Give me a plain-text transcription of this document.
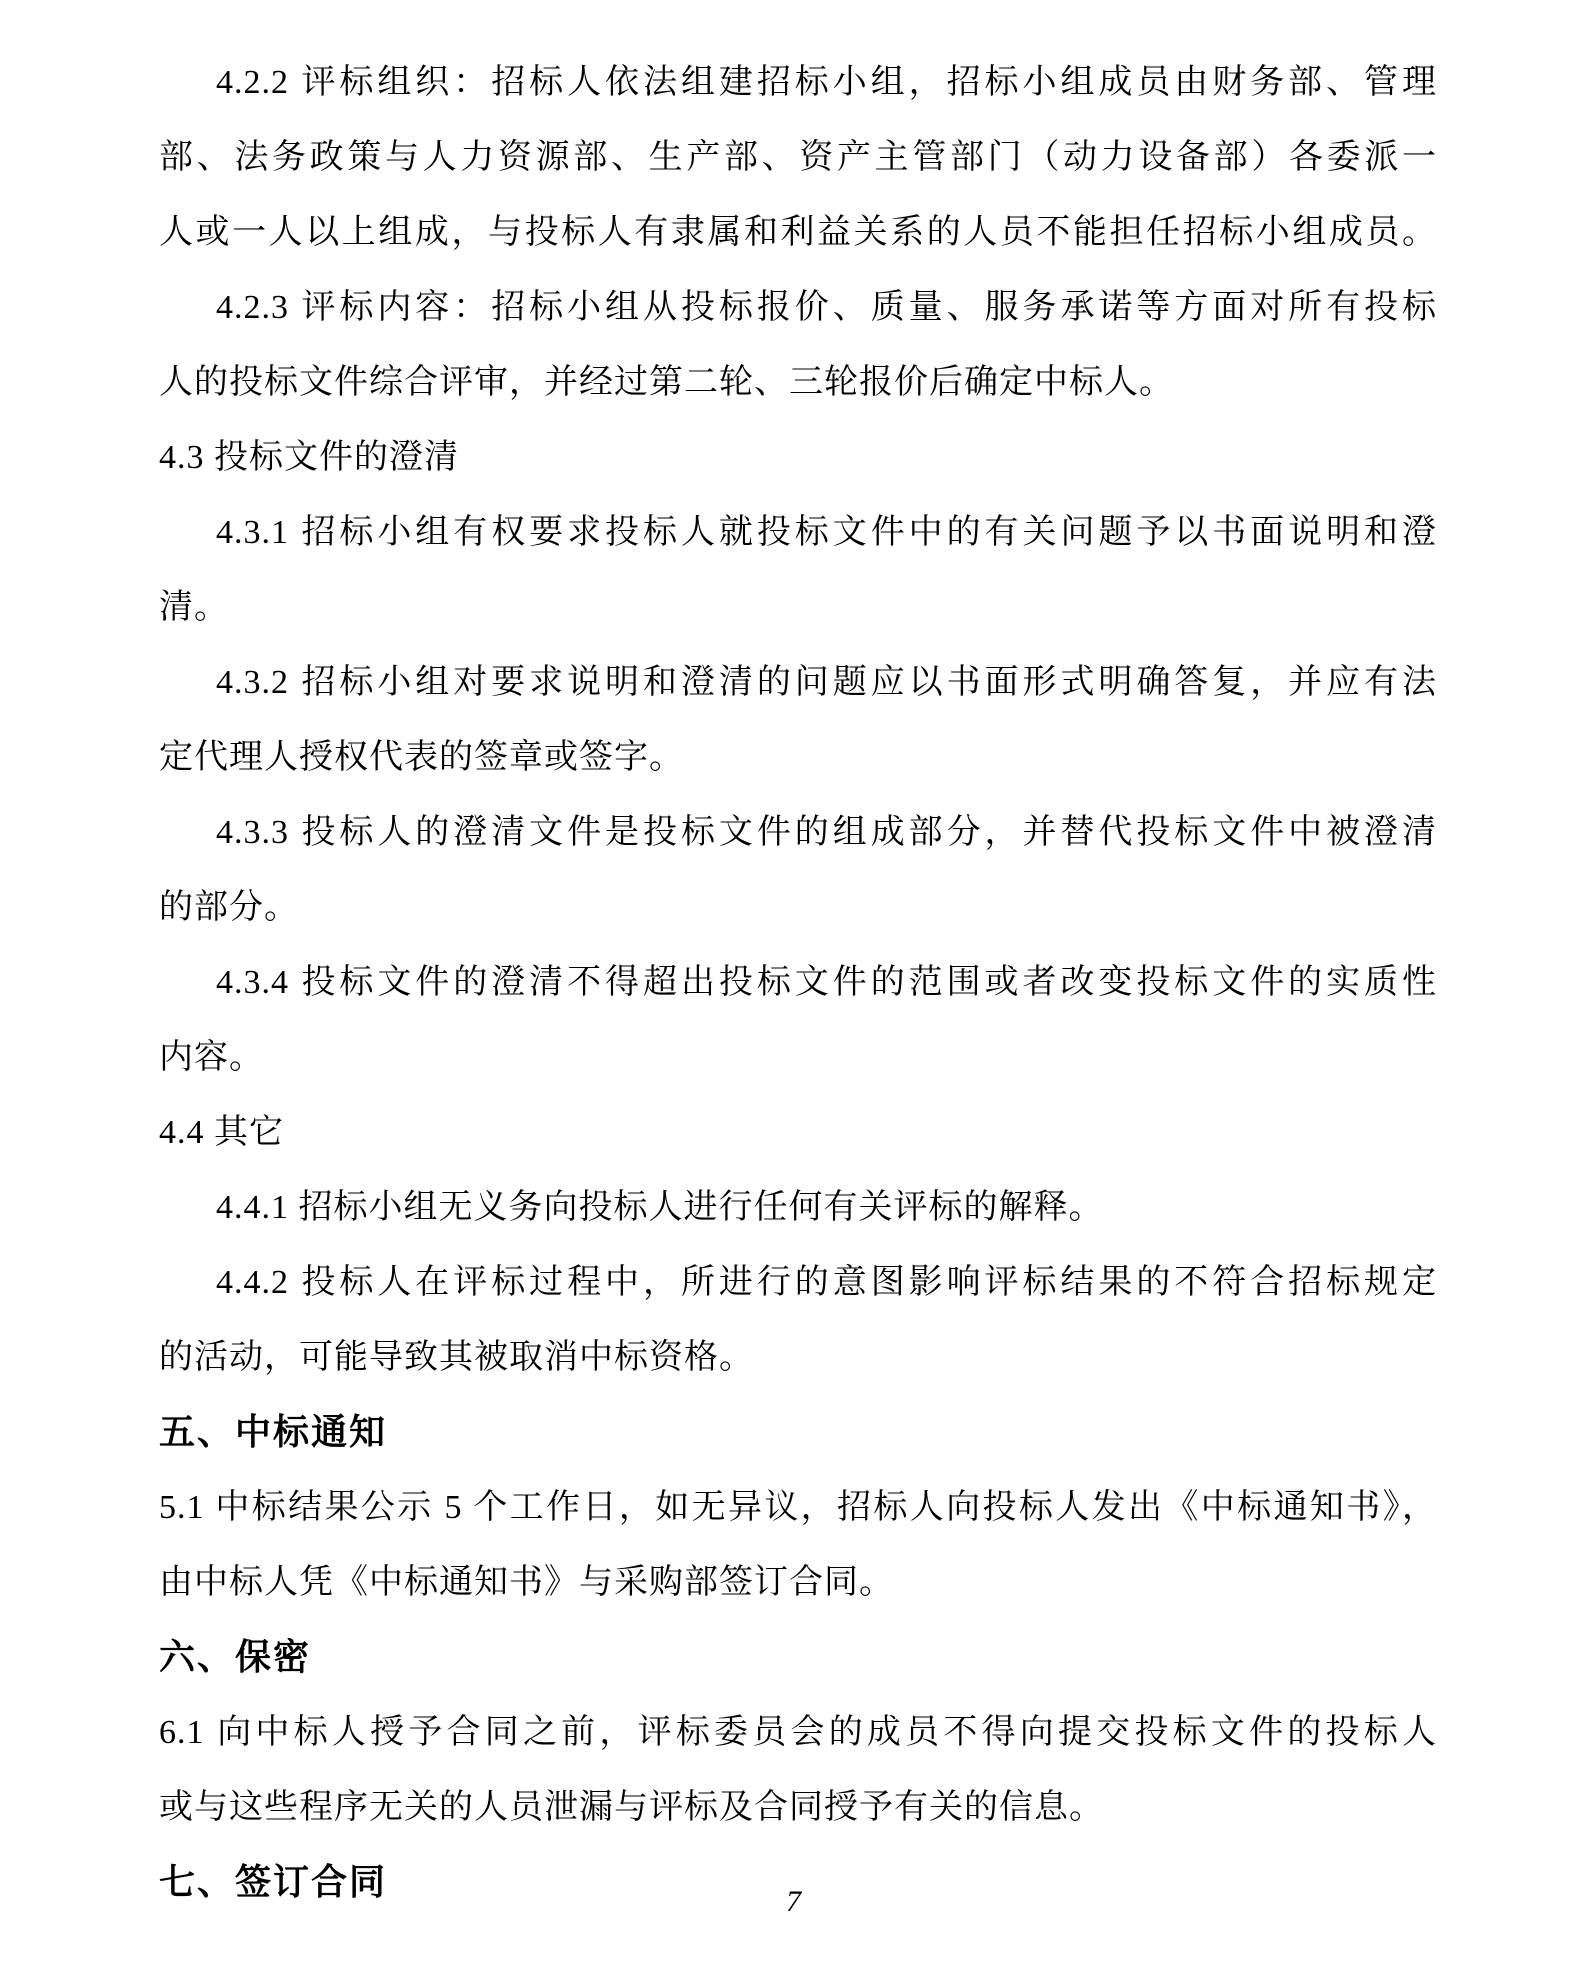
4.2.2 评标组织：招标人依法组建招标小组，招标小组成员由财务部、管理
部、法务政策与人力资源部、生产部、资产主管部门（动力设备部）各委派一
人或一人以上组成，与投标人有隶属和利益关系的人员不能担任招标小组成员。
4.2.3 评标内容：招标小组从投标报价、质量、服务承诺等方面对所有投标
人的投标文件综合评审，并经过第二轮、三轮报价后确定中标人。
4.3 投标文件的澄清
4.3.1 招标小组有权要求投标人就投标文件中的有关问题予以书面说明和澄
清。
4.3.2 招标小组对要求说明和澄清的问题应以书面形式明确答复，并应有法
定代理人授权代表的签章或签字。
4.3.3 投标人的澄清文件是投标文件的组成部分，并替代投标文件中被澄清
的部分。
4.3.4 投标文件的澄清不得超出投标文件的范围或者改变投标文件的实质性
内容。
4.4 其它
4.4.1 招标小组无义务向投标人进行任何有关评标的解释。
4.4.2 投标人在评标过程中，所进行的意图影响评标结果的不符合招标规定
的活动，可能导致其被取消中标资格。
五、中标通知
5.1 中标结果公示 5 个工作日，如无异议，招标人向投标人发出《中标通知书》，
由中标人凭《中标通知书》与采购部签订合同。
六、保密
6.1 向中标人授予合同之前，评标委员会的成员不得向提交投标文件的投标人
或与这些程序无关的人员泄漏与评标及合同授予有关的信息。
七、签订合同	7
